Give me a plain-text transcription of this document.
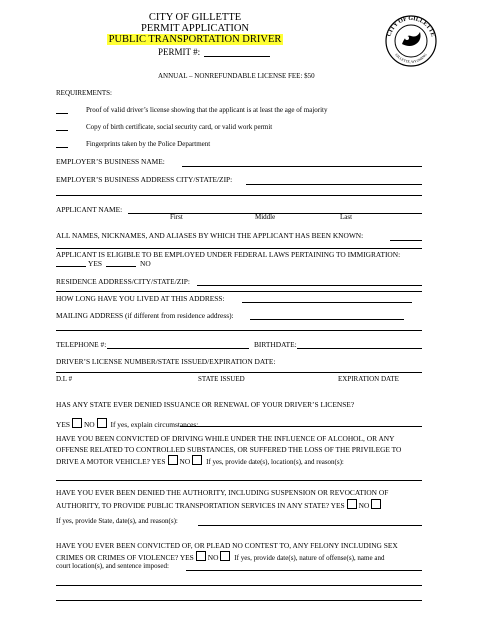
CITY OF GILLETTE
PERMIT APPLICATION
PUBLIC TRANSPORTATION DRIVER
PERMIT #:
CITY OF GILLETTE
GILLETTE, WYOMING
ANNUAL – NONREFUNDABLE LICENSE FEE: $50
REQUIREMENTS:
Proof of valid driver’s license showing that the applicant is at least the age of majority
Copy of birth certificate, social security card, or valid work permit
Fingerprints taken by the Police Department
EMPLOYER’S BUSINESS NAME:
EMPLOYER’S BUSINESS ADDRESS CITY/STATE/ZIP:
APPLICANT NAME:
First	Middle	Last
ALL NAMES, NICKNAMES, AND ALIASES BY WHICH THE APPLICANT HAS BEEN KNOWN:
APPLICANT IS ELIGIBLE TO BE EMPLOYED UNDER FEDERAL LAWS PERTAINING TO IMMIGRATION:
YES	NO
RESIDENCE ADDRESS/CITY/STATE/ZIP:
HOW LONG HAVE YOU LIVED AT THIS ADDRESS:
MAILING ADDRESS (if different from residence address):
TELEPHONE #:	BIRTHDATE:
DRIVER’S LICENSE NUMBER/STATE ISSUED/EXPIRATION DATE:
D.L #	STATE ISSUED	EXPIRATION DATE
HAS ANY STATE EVER DENIED ISSUANCE OR RENEWAL OF YOUR DRIVER’S LICENSE?
YES NO If yes, explain circumstances:
HAVE YOU BEEN CONVICTED OF DRIVING WHILE UNDER THE INFLUENCE OF ALCOHOL, OR ANY
OFFENSE RELATED TO CONTROLLED SUBSTANCES, OR SUFFERED THE LOSS OF THE PRIVILEGE TO
DRIVE A MOTOR VEHICLE? YES NO If yes, provide date(s), location(s), and reason(s):
HAVE YOU EVER BEEN DENIED THE AUTHORITY, INCLUDING SUSPENSION OR REVOCATION OF
AUTHORITY, TO PROVIDE PUBLIC TRANSPORTATION SERVICES IN ANY STATE? YES NO
If yes, provide State, date(s), and reason(s):
HAVE YOU EVER BEEN CONVICTED OF, OR PLEAD NO CONTEST TO, ANY FELONY INCLUDING SEX
CRIMES OR CRIMES OF VIOLENCE? YES NO If yes, provide date(s), nature of offense(s), name and
court location(s), and sentence imposed:
